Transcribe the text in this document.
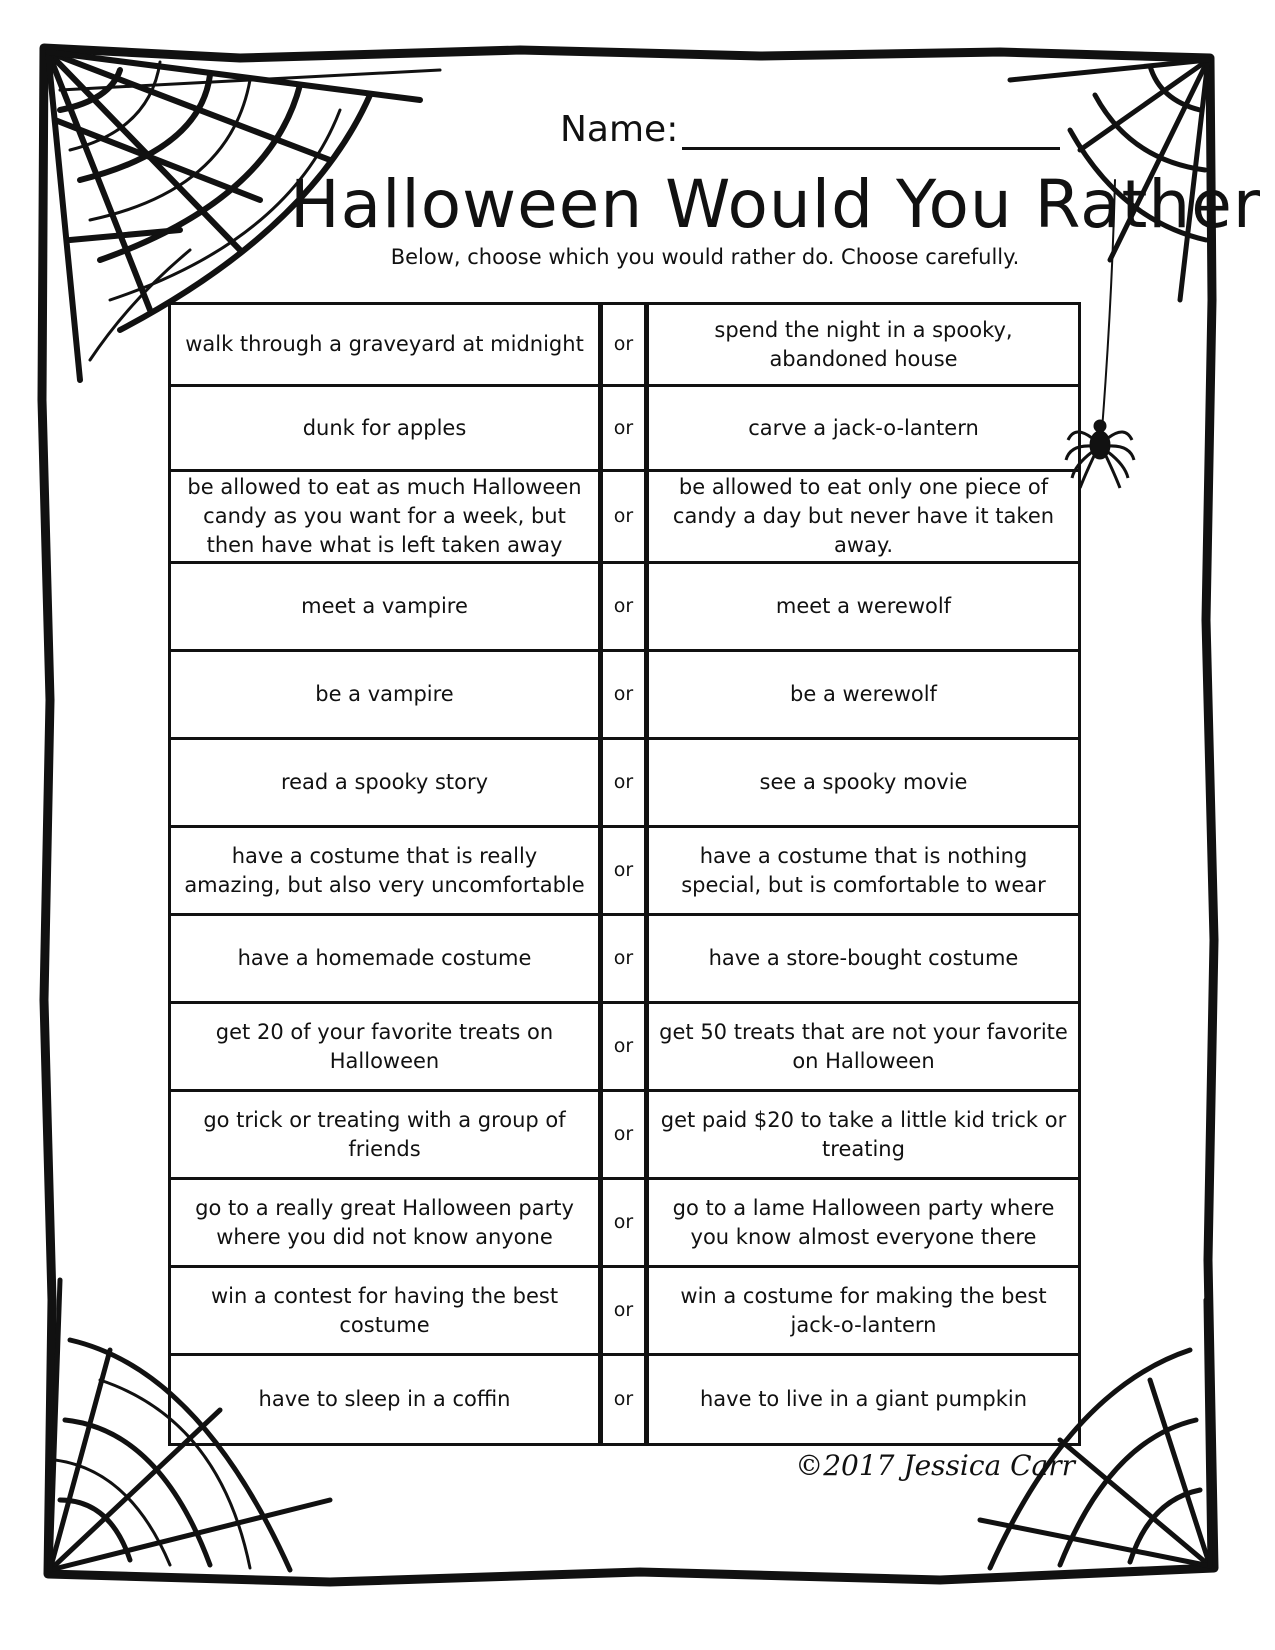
Name:
Halloween Would You Rather

Below, choose which you would rather do. Choose carefully.

walk through a graveyard at midnight	or	spend the night in a spooky, abandoned house
dunk for apples	or	carve a jack-o-lantern
be allowed to eat as much Halloween candy as you want for a week, but then have what is left taken away	or	be allowed to eat only one piece of candy a day but never have it taken away.
meet a vampire	or	meet a werewolf
be a vampire	or	be a werewolf
read a spooky story	or	see a spooky movie
have a costume that is really amazing, but also very uncomfortable	or	have a costume that is nothing special, but is comfortable to wear
have a homemade costume	or	have a store-bought costume
get 20 of your favorite treats on Halloween	or	get 50 treats that are not your favorite on Halloween
go trick or treating with a group of friends	or	get paid $20 to take a little kid trick or treating
go to a really great Halloween party where you did not know anyone	or	go to a lame Halloween party where you know almost everyone there
win a contest for having the best costume	or	win a costume for making the best jack-o-lantern
have to sleep in a coffin	or	have to live in a giant pumpkin
©2017 Jessica Carr
